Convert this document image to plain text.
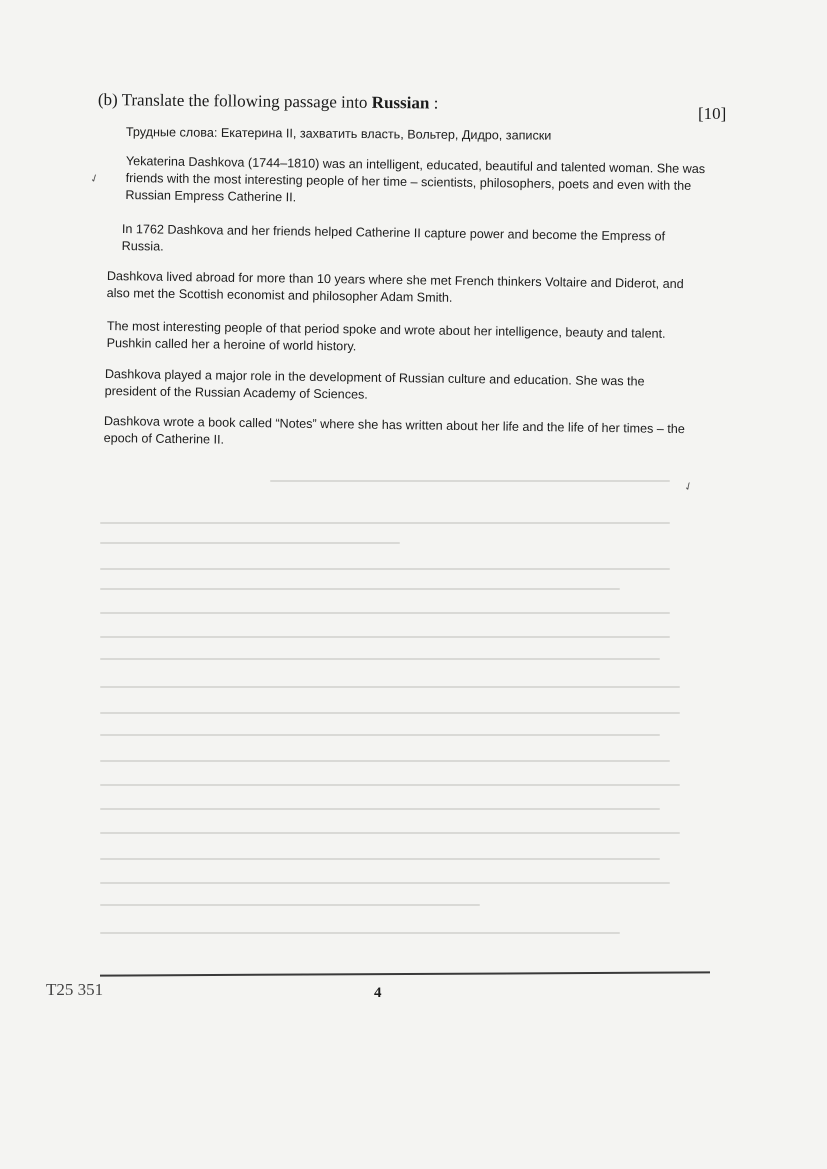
(b) Translate the following passage into Russian :
[10]
Трудные слова: Екатерина II, захватить власть, Вольтер, Дидро, записки
✓
Yekaterina Dashkova (1744–1810) was an intelligent, educated, beautiful and talented woman. She was friends with the most interesting people of her time – scientists, philosophers, poets and even with the Russian Empress Catherine II.
In 1762 Dashkova and her friends helped Catherine II capture power and become the Empress of Russia.
Dashkova lived abroad for more than 10 years where she met French thinkers Voltaire and Diderot, and also met the Scottish economist and philosopher Adam Smith.
The most interesting people of that period spoke and wrote about her intelligence, beauty and talent. Pushkin called her a heroine of world history.
Dashkova played a major role in the development of Russian culture and education. She was the president of the Russian Academy of Sciences.
Dashkova wrote a book called “Notes” where she has written about her life and the life of her times – the epoch of Catherine II.
✓
T25 351	4
